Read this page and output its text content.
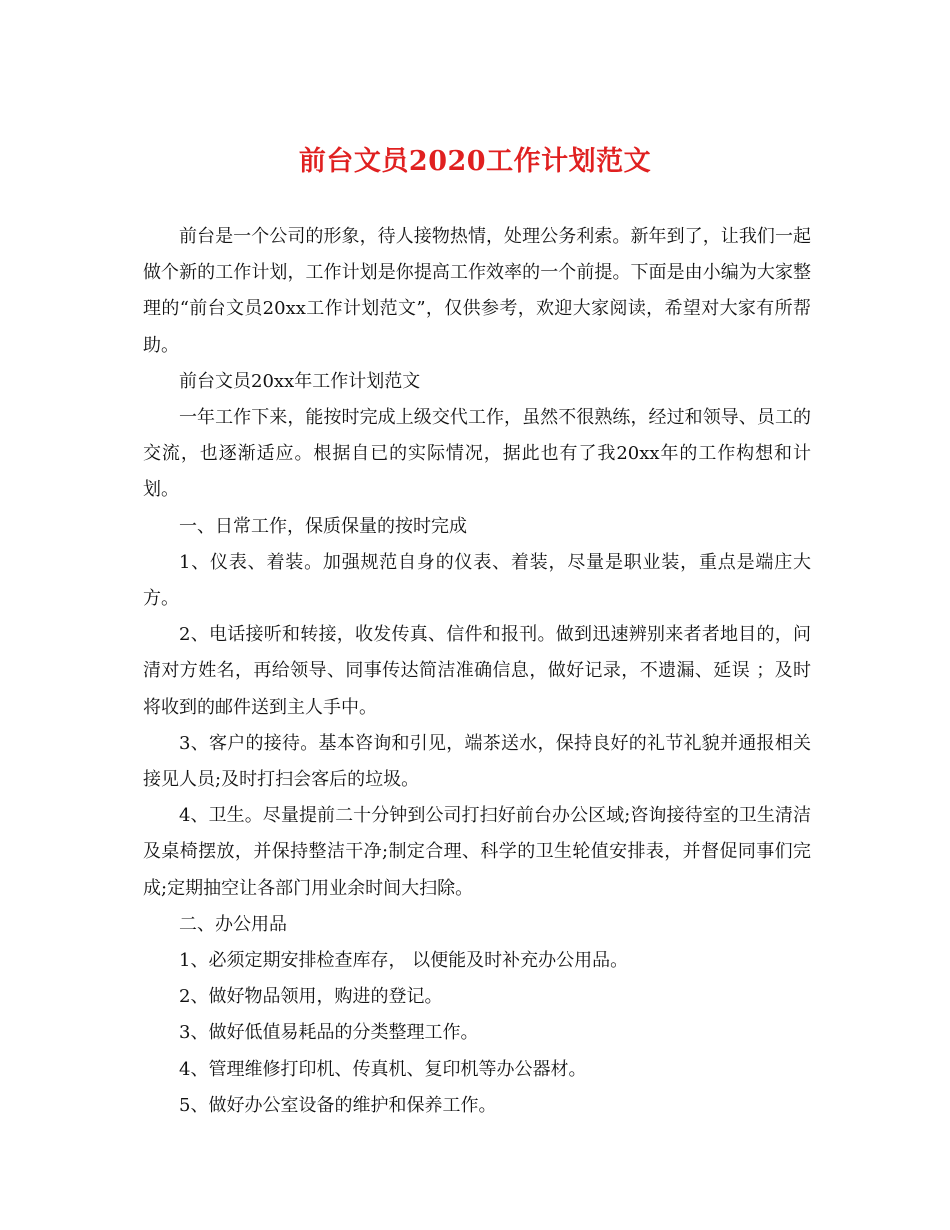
前台文员2020工作计划范文

前台是一个公司的形象，待人接物热情，处理公务利索。新年到了，让我们一起做个新的工作计划，工作计划是你提高工作效率的一个前提。下面是由小编为大家整理的“前台文员20xx工作计划范文”，仅供参考，欢迎大家阅读，希望对大家有所帮助。

前台文员20xx年工作计划范文

一年工作下来，能按时完成上级交代工作，虽然不很熟练，经过和领导、员工的交流，也逐渐适应。根据自已的实际情况，据此也有了我20xx年的工作构想和计划。

一、日常工作，保质保量的按时完成

1、仪表、着装。加强规范自身的仪表、着装，尽量是职业装，重点是端庄大方。

2、电话接听和转接，收发传真、信件和报刊。做到迅速辨别来者者地目的，问清对方姓名，再给领导、同事传达简洁准确信息，做好记录，不遗漏、延误 ；及时将收到的邮件送到主人手中。

3、客户的接待。基本咨询和引见，端茶送水，保持良好的礼节礼貌并通报相关接见人员;及时打扫会客后的垃圾。

4、卫生。尽量提前二十分钟到公司打扫好前台办公区域;咨询接待室的卫生清洁及桌椅摆放，并保持整洁干净;制定合理、科学的卫生轮值安排表，并督促同事们完成;定期抽空让各部门用业余时间大扫除。

二、办公用品

1、必须定期安排检查库存， 以便能及时补充办公用品。

2、做好物品领用，购进的登记。

3、做好低值易耗品的分类整理工作。

4、管理维修打印机、传真机、复印机等办公器材。

5、做好办公室设备的维护和保养工作。
